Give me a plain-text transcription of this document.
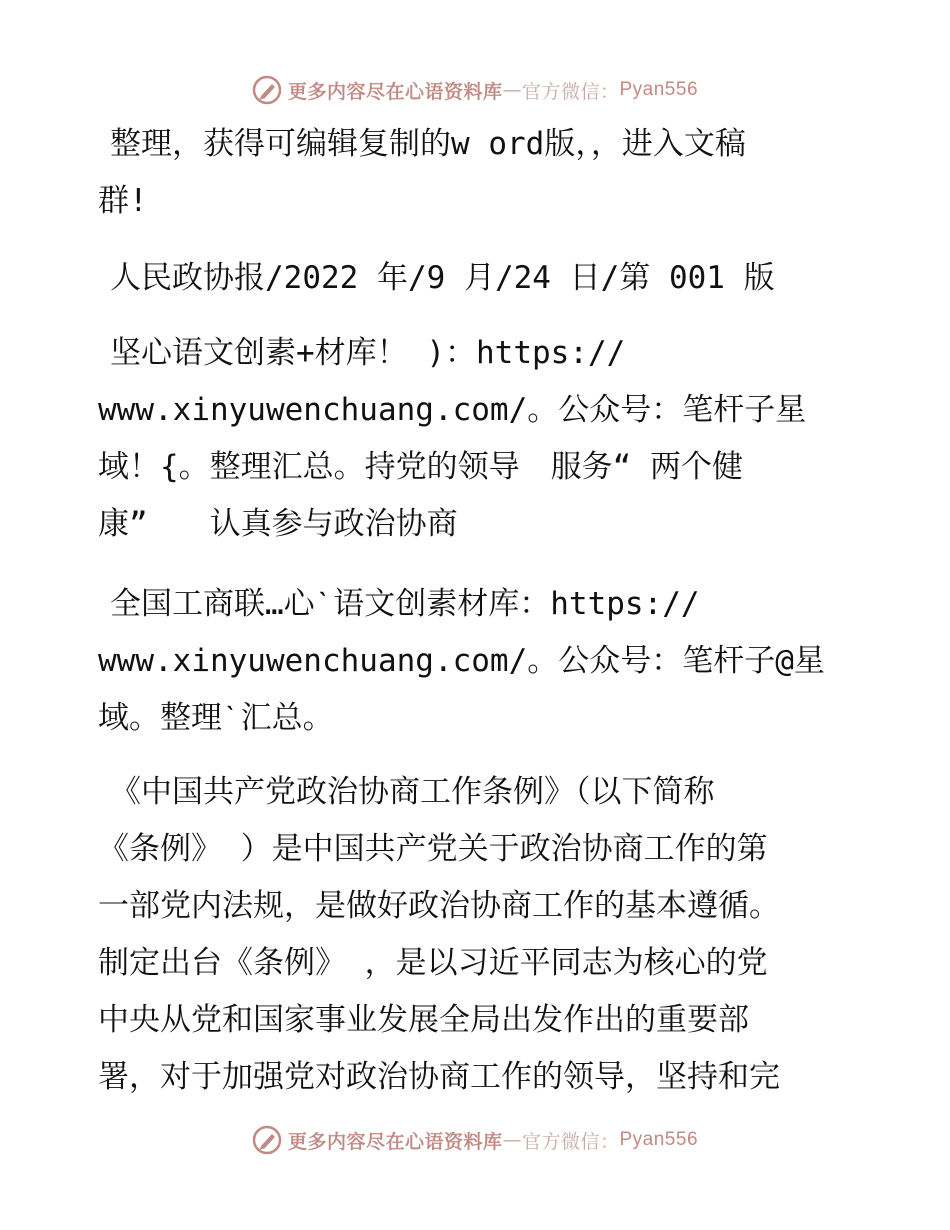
更多内容尽在心语资料库 — 官方微信： Pyan556
整理，获得可编辑复制的w ord版，，进入文稿
群!
人民政协报/2022 年/9 月/24 日/第 001 版
坚心语文创素+材库！ )：https://
www.xinyuwenchuang.com/。公众号：笔杆子星
域！{。整理汇总。持党的领导　服务“ 两个健
康”　　认真参与政治协商
全国工商联…心ˋ语文创素材库：https://
www.xinyuwenchuang.com/。公众号：笔杆子@星
域。整理ˋ汇总。
《中国共产党政治协商工作条例》（以下简称
《条例》 ）是中国共产党关于政治协商工作的第
一部党内法规，是做好政治协商工作的基本遵循。
制定出台《条例》 ，是以习近平同志为核心的党
中央从党和国家事业发展全局出发作出的重要部
署，对于加强党对政治协商工作的领导，坚持和完
更多内容尽在心语资料库 — 官方微信： Pyan556
